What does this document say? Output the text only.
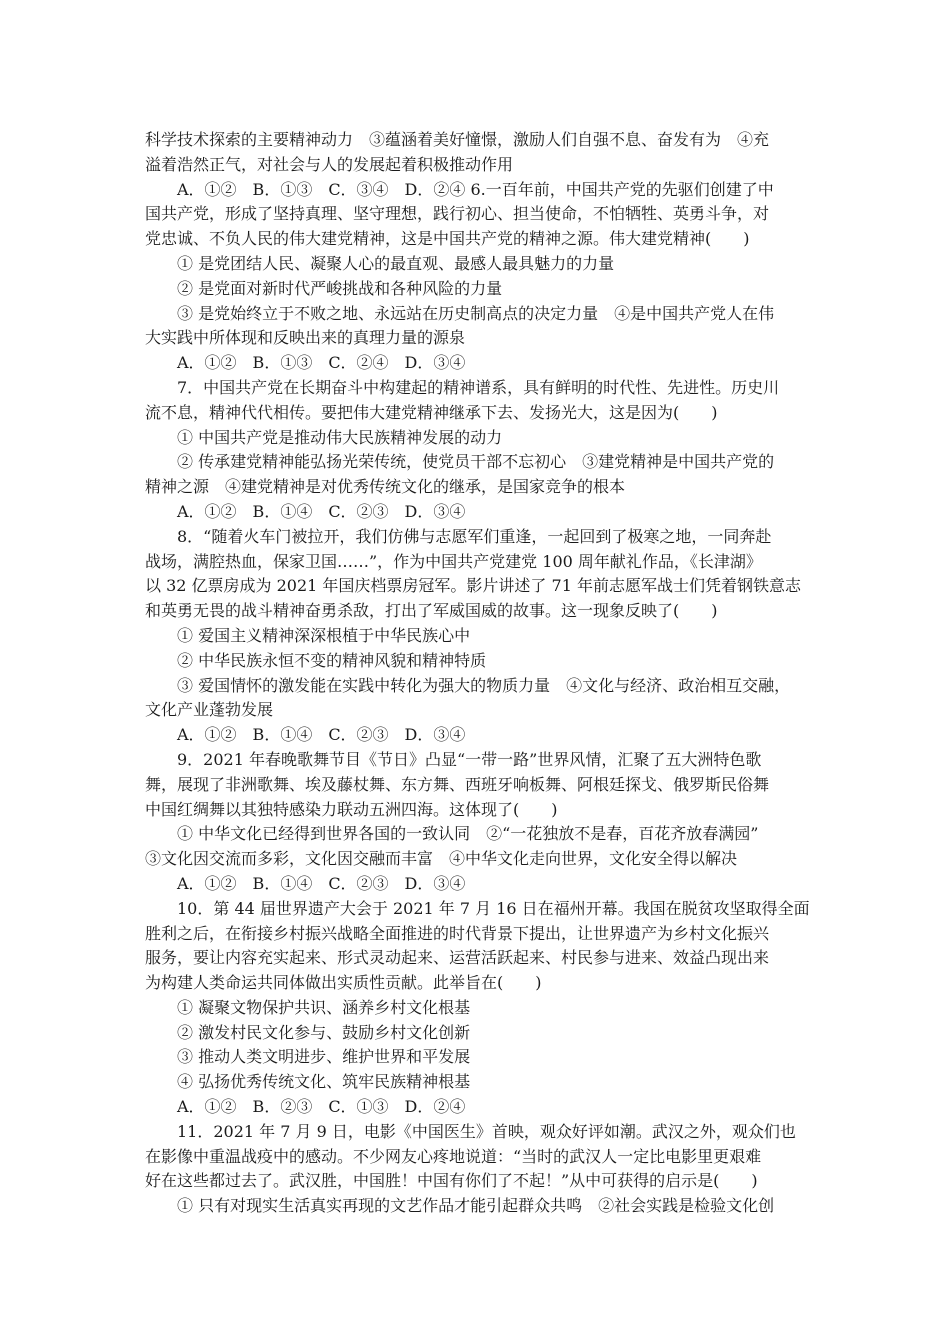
科学技术探索的主要精神动力　③蕴涵着美好憧憬，激励人们自强不息、奋发有为　④充
溢着浩然正气，对社会与人的发展起着积极推动作用
A．①②　B．①③　C．③④　D．②④ 6.一百年前，中国共产党的先驱们创建了中
国共产党，形成了坚持真理、坚守理想，践行初心、担当使命，不怕牺牲、英勇斗争，对
党忠诚、不负人民的伟大建党精神，这是中国共产党的精神之源。伟大建党精神(　　)
① 是党团结人民、凝聚人心的最直观、最感人最具魅力的力量
② 是党面对新时代严峻挑战和各种风险的力量
③ 是党始终立于不败之地、永远站在历史制高点的决定力量　④是中国共产党人在伟
大实践中所体现和反映出来的真理力量的源泉
A．①②　B．①③　C．②④　D．③④
7．中国共产党在长期奋斗中构建起的精神谱系，具有鲜明的时代性、先进性。历史川
流不息，精神代代相传。要把伟大建党精神继承下去、发扬光大，这是因为(　　)
① 中国共产党是推动伟大民族精神发展的动力
② 传承建党精神能弘扬光荣传统，使党员干部不忘初心　③建党精神是中国共产党的
精神之源　④建党精神是对优秀传统文化的继承，是国家竞争的根本
A．①②　B．①④　C．②③　D．③④
8．“随着火车门被拉开，我们仿佛与志愿军们重逢，一起回到了极寒之地，一同奔赴
战场，满腔热血，保家卫国……”，作为中国共产党建党 100 周年献礼作品，《长津湖》
以 32 亿票房成为 2021 年国庆档票房冠军。影片讲述了 71 年前志愿军战士们凭着钢铁意志
和英勇无畏的战斗精神奋勇杀敌，打出了军威国威的故事。这一现象反映了(　　)
① 爱国主义精神深深根植于中华民族心中
② 中华民族永恒不变的精神风貌和精神特质
③ 爱国情怀的激发能在实践中转化为强大的物质力量　④文化与经济、政治相互交融，
文化产业蓬勃发展
A．①②　B．①④　C．②③　D．③④
9．2021 年春晚歌舞节目《节日》凸显“一带一路”世界风情，汇聚了五大洲特色歌
舞，展现了非洲歌舞、埃及藤杖舞、东方舞、西班牙响板舞、阿根廷探戈、俄罗斯民俗舞
中国红绸舞以其独特感染力联动五洲四海。这体现了(　　)
① 中华文化已经得到世界各国的一致认同　②“一花独放不是春，百花齐放春满园”
③文化因交流而多彩，文化因交融而丰富　④中华文化走向世界，文化安全得以解决
A．①②　B．①④　C．②③　D．③④
10．第 44 届世界遗产大会于 2021 年 7 月 16 日在福州开幕。我国在脱贫攻坚取得全面
胜利之后，在衔接乡村振兴战略全面推进的时代背景下提出，让世界遗产为乡村文化振兴
服务，要让内容充实起来、形式灵动起来、运营活跃起来、村民参与进来、效益凸现出来
为构建人类命运共同体做出实质性贡献。此举旨在(　　)
① 凝聚文物保护共识、涵养乡村文化根基
② 激发村民文化参与、鼓励乡村文化创新
③ 推动人类文明进步、维护世界和平发展
④ 弘扬优秀传统文化、筑牢民族精神根基
A．①②　B．②③　C．①③　D．②④
11．2021 年 7 月 9 日，电影《中国医生》首映，观众好评如潮。武汉之外，观众们也
在影像中重温战疫中的感动。不少网友心疼地说道：“当时的武汉人一定比电影里更艰难
好在这些都过去了。武汉胜，中国胜！中国有你们了不起！”从中可获得的启示是(　　)
① 只有对现实生活真实再现的文艺作品才能引起群众共鸣　②社会实践是检验文化创
